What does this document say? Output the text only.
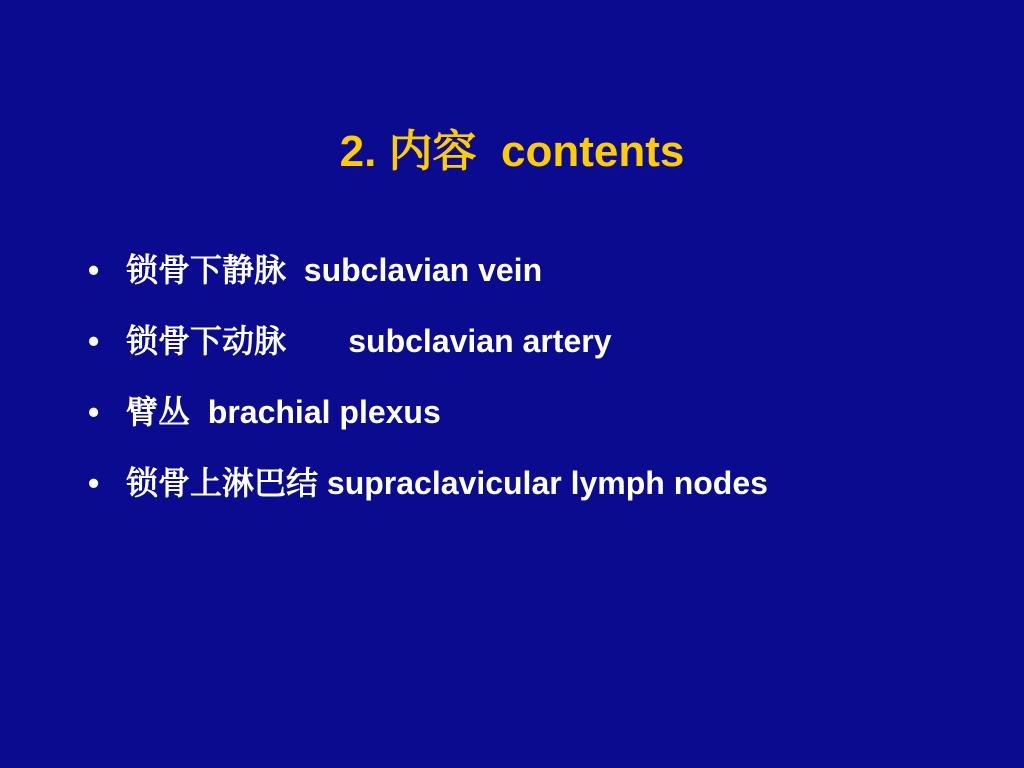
2. 内容  contents

•

锁骨下静脉  subclavian vein

•

锁骨下动脉       subclavian artery

•

臂丛  brachial plexus

•

锁骨上淋巴结 supraclavicular lymph nodes
